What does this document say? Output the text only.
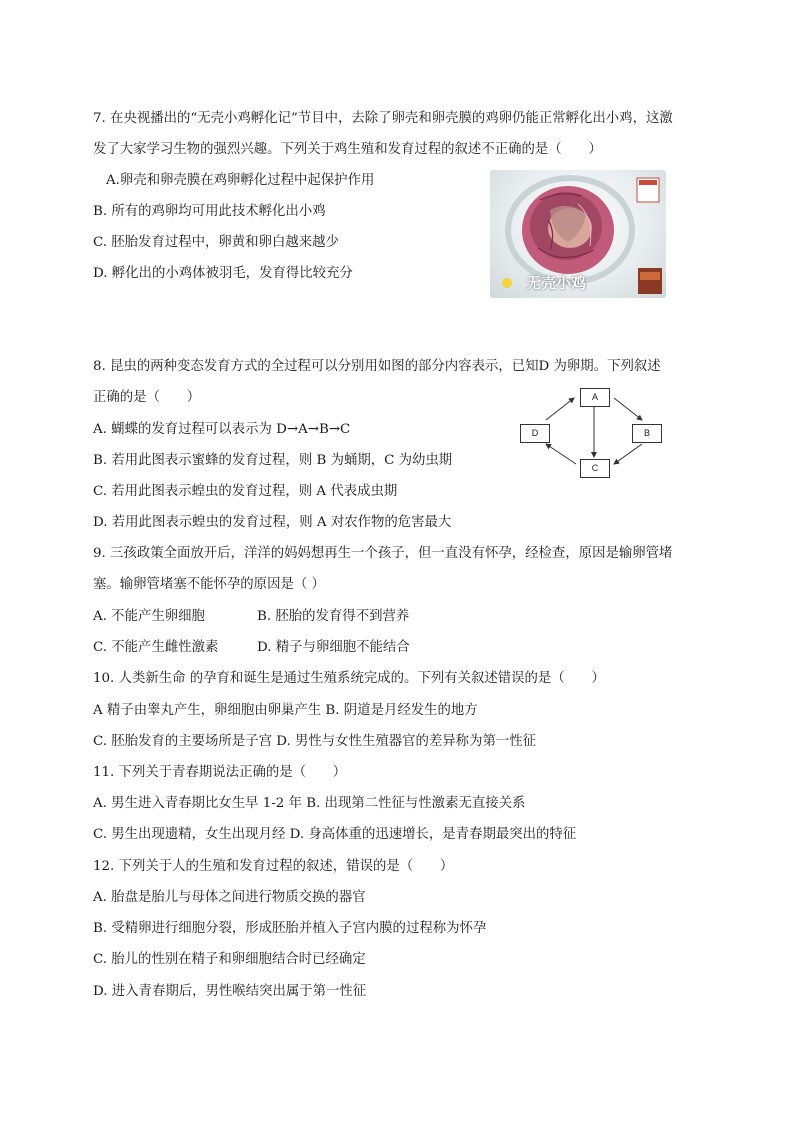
7. 在央视播出的“无壳小鸡孵化记”节目中，去除了卵壳和卵壳膜的鸡卵仍能正常孵化出小鸡，这激
发了大家学习生物的强烈兴趣。下列关于鸡生殖和发育过程的叙述不正确的是（　　）
A.卵壳和卵壳膜在鸡卵孵化过程中起保护作用
B. 所有的鸡卵均可用此技术孵化出小鸡
C. 胚胎发育过程中，卵黄和卵白越来越少
D. 孵化出的小鸡体被羽毛，发育得比较充分
无壳小鸡
8. 昆虫的两种变态发育方式的全过程可以分别用如图的部分内容表示，已知D 为卵期。下列叙述
正确的是（　　）
A. 蝴蝶的发育过程可以表示为 D→A→B→C
B. 若用此图表示蜜蜂的发育过程，则 B 为蛹期，C 为幼虫期
C. 若用此图表示蝗虫的发育过程，则 A 代表成虫期
D. 若用此图表示蝗虫的发育过程，则 A 对农作物的危害最大
A
B
C
D
9. 三孩政策全面放开后，洋洋的妈妈想再生一个孩子，但一直没有怀孕，经检查，原因是输卵管堵
塞。输卵管堵塞不能怀孕的原因是（ ）
A. 不能产生卵细胞	B. 胚胎的发育得不到营养
C. 不能产生雌性激素	D. 精子与卵细胞不能结合
10. 人类新生命 的孕育和诞生是通过生殖系统完成的。下列有关叙述错误的是（　　）
A 精子由睾丸产生，卵细胞由卵巢产生 B. 阴道是月经发生的地方
C. 胚胎发育的主要场所是子宫 D. 男性与女性生殖器官的差异称为第一性征
11. 下列关于青春期说法正确的是（　　）
A. 男生进入青春期比女生早 1-2 年 B. 出现第二性征与性激素无直接关系
C. 男生出现遗精，女生出现月经 D. 身高体重的迅速增长，是青春期最突出的特征
12. 下列关于人的生殖和发育过程的叙述，错误的是（　　）
A. 胎盘是胎儿与母体之间进行物质交换的器官
B. 受精卵进行细胞分裂，形成胚胎并植入子宫内膜的过程称为怀孕
C. 胎儿的性别在精子和卵细胞结合时已经确定
D. 进入青春期后，男性喉结突出属于第一性征
